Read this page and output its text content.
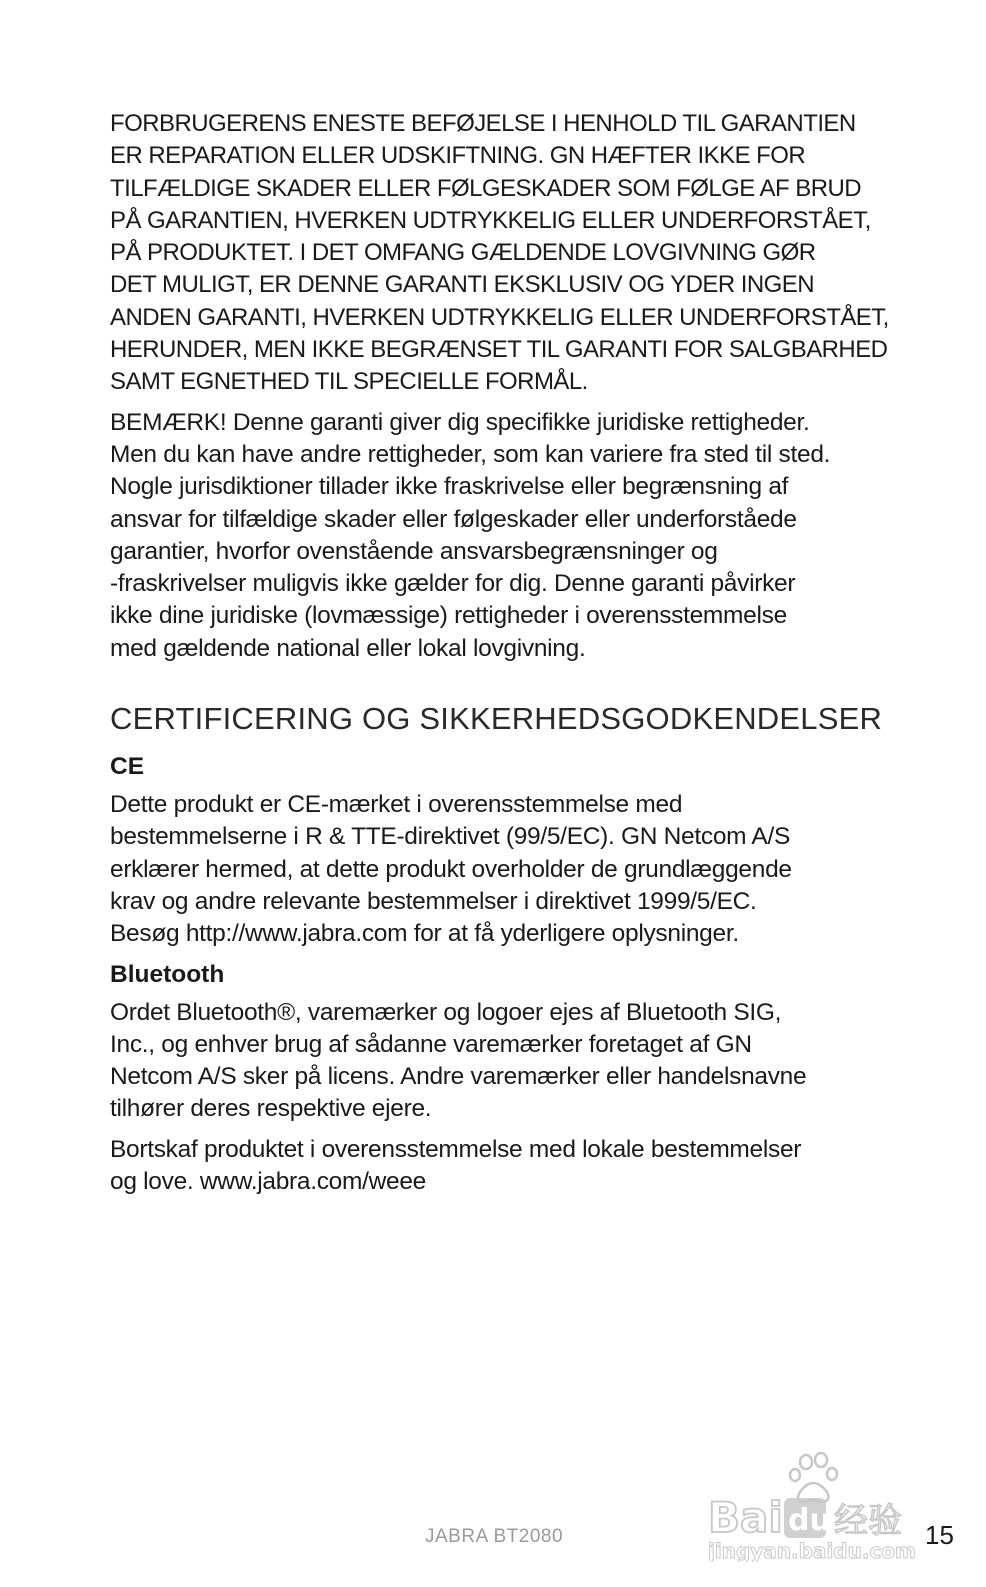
FORBRUGERENS ENESTE BEFØJELSE I HENHOLD TIL GARANTIEN
ER REPARATION ELLER UDSKIFTNING. GN HÆFTER IKKE FOR
TILFÆLDIGE SKADER ELLER FØLGESKADER SOM FØLGE AF BRUD
PÅ GARANTIEN, HVERKEN UDTRYKKELIG ELLER UNDERFORSTÅET,
PÅ PRODUKTET. I DET OMFANG GÆLDENDE LOVGIVNING GØR
DET MULIGT, ER DENNE GARANTI EKSKLUSIV OG YDER INGEN
ANDEN GARANTI, HVERKEN UDTRYKKELIG ELLER UNDERFORSTÅET,
HERUNDER, MEN IKKE BEGRÆNSET TIL GARANTI FOR SALGBARHED
SAMT EGNETHED TIL SPECIELLE FORMÅL.

BEMÆRK! Denne garanti giver dig specifikke juridiske rettigheder.
Men du kan have andre rettigheder, som kan variere fra sted til sted.
Nogle jurisdiktioner tillader ikke fraskrivelse eller begrænsning af
ansvar for tilfældige skader eller følgeskader eller underforståede
garantier, hvorfor ovenstående ansvarsbegrænsninger og
-fraskrivelser muligvis ikke gælder for dig. Denne garanti påvirker
ikke dine juridiske (lovmæssige) rettigheder i overensstemmelse
med gældende national eller lokal lovgivning.

CERTIFICERING OG SIKKERHEDSGODKENDELSER
CE

Dette produkt er CE-mærket i overensstemmelse med
bestemmelserne i R & TTE-direktivet (99/5/EC). GN Netcom A/S
erklærer hermed, at dette produkt overholder de grundlæggende
krav og andre relevante bestemmelser i direktivet 1999/5/EC.
Besøg http://www.jabra.com for at få yderligere oplysninger.

Bluetooth

Ordet Bluetooth®, varemærker og logoer ejes af Bluetooth SIG,
Inc., og enhver brug af sådanne varemærker foretaget af GN
Netcom A/S sker på licens. Andre varemærker eller handelsnavne
tilhører deres respektive ejere.

Bortskaf produktet i overensstemmelse med lokale bestemmelser
og love. www.jabra.com/weee

JABRA BT2080	Bai du 经验
jingyan.baidu.com
15
